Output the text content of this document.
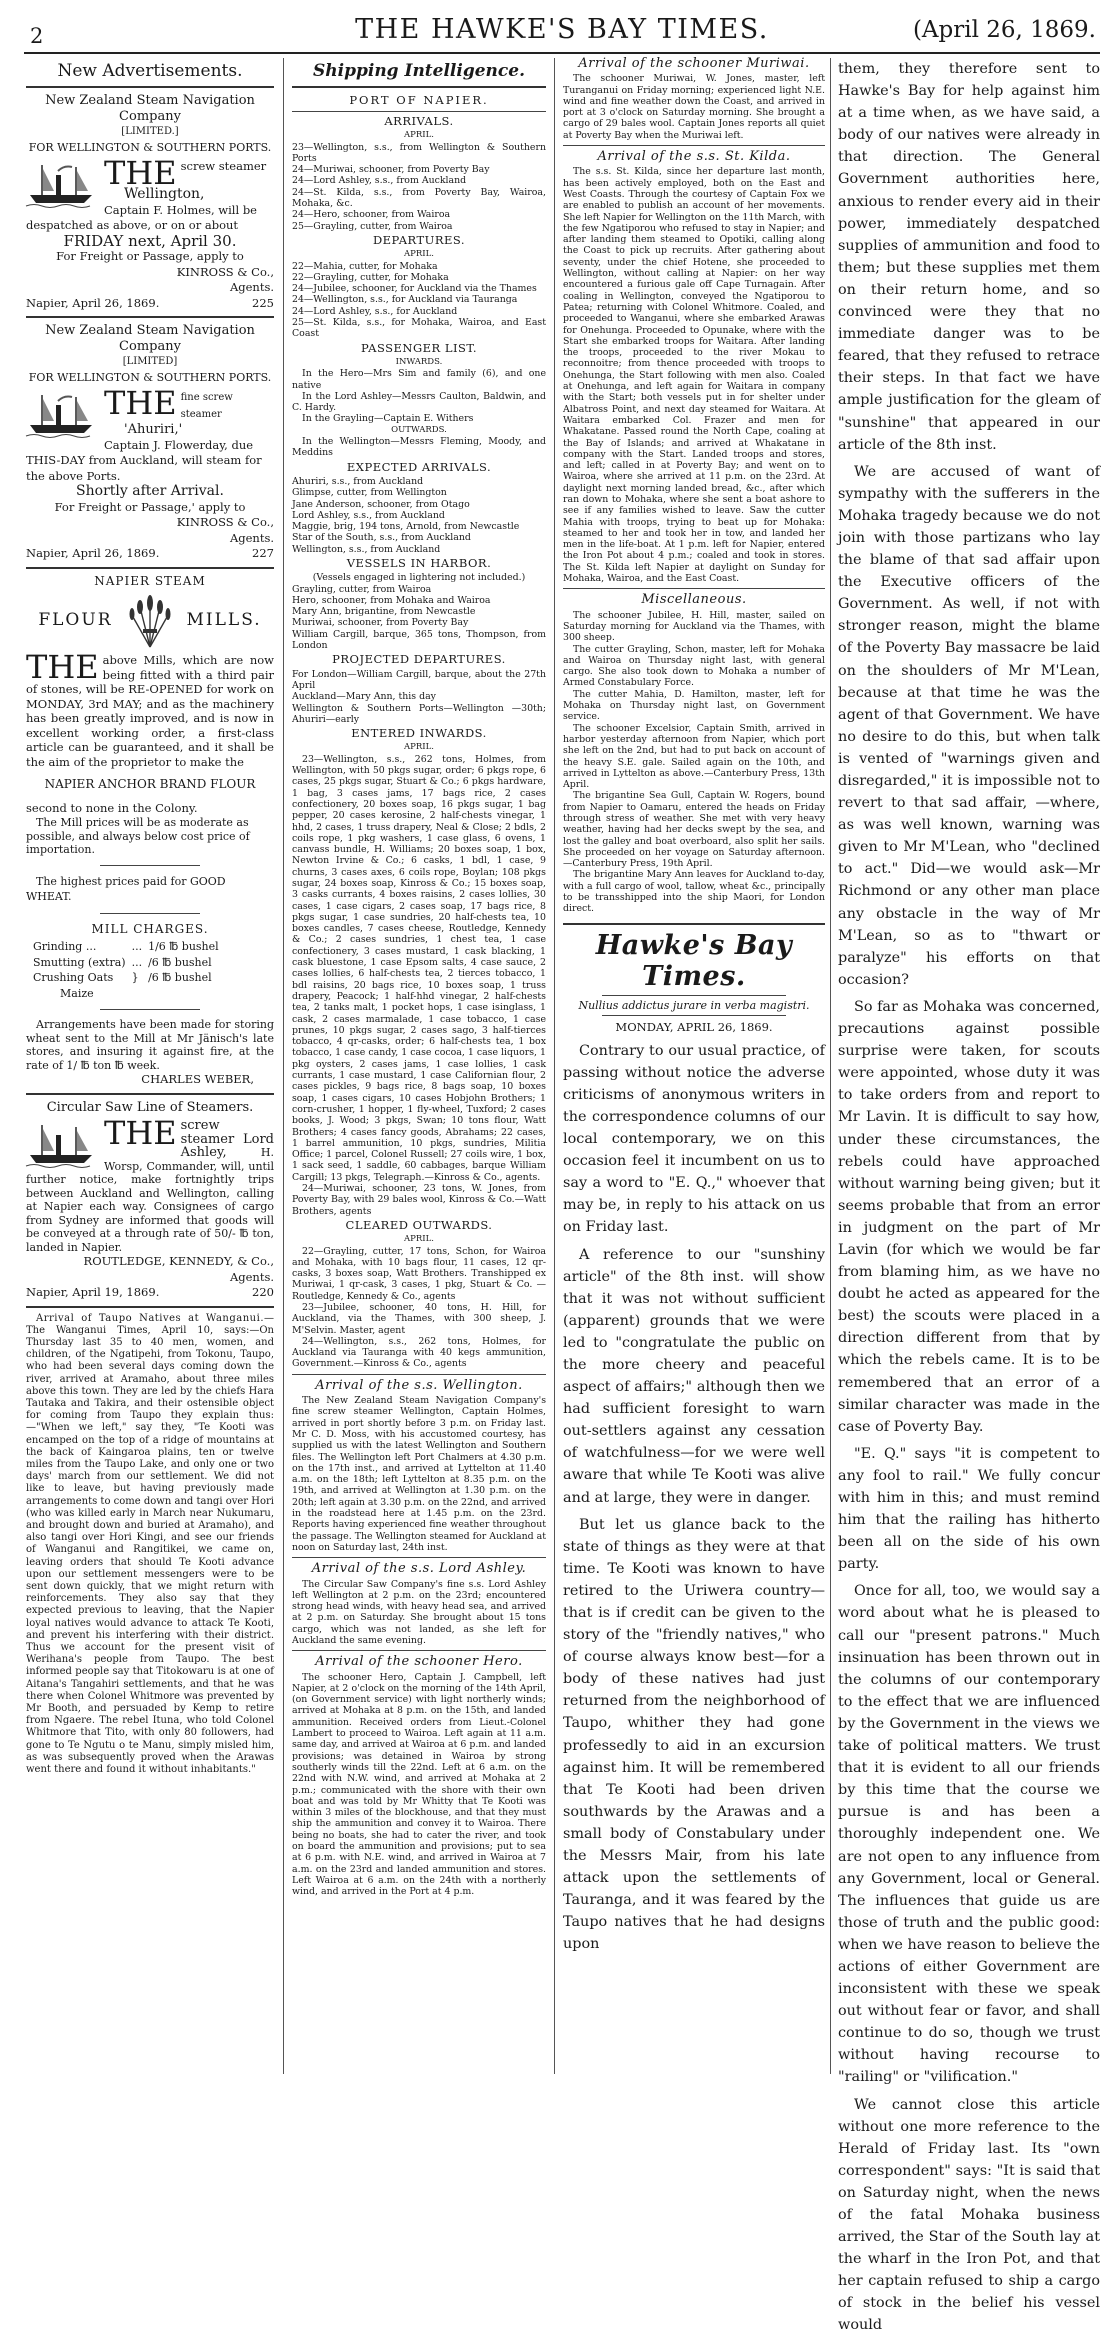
2	THE HAWKE'S BAY TIMES.	(April 26, 1869.
New Advertisements.
New Zealand Steam Navigation Company
[LIMITED.]
FOR WELLINGTON & SOUTHERN PORTS.
THE screw steamer
Wellington,
Captain F. Holmes, will be despatched as above, or on or about
FRIDAY next, April 30.
For Freight or Passage, apply to
KINROSS & Co.,
Agents.
Napier, April 26, 1869.	225
New Zealand Steam Navigation Company
[LIMITED]
FOR WELLINGTON & SOUTHERN PORTS.
THE fine screw steamer
'Ahuriri,'
Captain J. Flowerday, due THIS-DAY from Auckland, will steam for the above Ports.
Shortly after Arrival.
For Freight or Passage,' apply to
KINROSS & Co.,
Agents.
Napier, April 26, 1869.	227
NAPIER STEAM
FLOUR	MILLS.
THE above Mills, which are now being fitted with a third pair of stones, will be RE-OPENED for work on MONDAY, 3rd MAY; and as the machinery has been greatly improved, and is now in excellent working order, a first-class article can be guaranteed, and it shall be the aim of the proprietor to make the
NAPIER ANCHOR BRAND FLOUR
second to none in the Colony.
The Mill prices will be as moderate as possible, and always below cost price of importation.
The highest prices paid for GOOD WHEAT.
MILL CHARGES.
Grinding ...	...	1/6 ℔ bushel
Smutting (extra)	...	/6 ℔ bushel
Crushing Oats	}	/6 ℔ bushel
Maize		
Arrangements have been made for storing wheat sent to the Mill at Mr Jänisch's late stores, and insuring it against fire, at the rate of 1/ ℔ ton ℔ week.
CHARLES WEBER,
Circular Saw Line of Steamers.
THE screw steamer Lord Ashley,	H. Worsp, Commander, will, until further notice, make fortnightly trips between Auckland and Wellington, calling at Napier each way. Consignees of cargo from Sydney are informed that goods will be conveyed at a through rate of 50/- ℔ ton, landed in Napier.
ROUTLEDGE, KENNEDY, & Co.,
Agents.
Napier, April 19, 1869.	220

Arrival of Taupo Natives at Wanganui.—The Wanganui Times, April 10, says:—On Thursday last 35 to 40 men, women, and children, of the Ngatipehi, from Tokonu, Taupo, who had been several days coming down the river, arrived at Aramaho, about three miles above this town. They are led by the chiefs Hara Tautaka and Takira, and their ostensible object for coming from Taupo they explain thus:—"When we left," say they, "Te Kooti was encamped on the top of a ridge of mountains at the back of Kaingaroa plains, ten or twelve miles from the Taupo Lake, and only one or two days' march from our settlement. We did not like to leave, but having previously made arrangements to come down and tangi over Hori (who was killed early in March near Nukumaru, and brought down and buried at Aramaho), and also tangi over Hori Kingi, and see our friends of Wanganui and Rangitikei, we came on, leaving orders that should Te Kooti advance upon our settlement messengers were to be sent down quickly, that we might return with reinforcements. They also say that they expected previous to leaving, that the Napier loyal natives would advance to attack Te Kooti, and prevent his interfering with their district. Thus we account for the present visit of Werihana's people from Taupo. The best informed people say that Titokowaru is at one of Aitana's Tangahiri settlements, and that he was there when Colonel Whitmore was prevented by Mr Booth, and persuaded by Kemp to retire from Ngaere. The rebel Ituna, who told Colonel Whitmore that Tito, with only 80 followers, had gone to Te Ngutu o te Manu, simply misled him, as was subsequently proved when the Arawas went there and found it without inhabitants."

Shipping Intelligence.
PORT OF NAPIER.
ARRIVALS.
APRIL.
23—Wellington, s.s., from Wellington & Southern Ports
24—Muriwai, schooner, from Poverty Bay
24—Lord Ashley, s.s., from Auckland
24—St. Kilda, s.s., from Poverty Bay, Wairoa, Mohaka, &c.
24—Hero, schooner, from Wairoa
25—Grayling, cutter, from Wairoa
DEPARTURES.
APRIL.
22—Mahia, cutter, for Mohaka
22—Grayling, cutter, for Mohaka
24—Jubilee, schooner, for Auckland via the Thames
24—Wellington, s.s., for Auckland via Tauranga
24—Lord Ashley, s.s., for Auckland
25—St. Kilda, s.s., for Mohaka, Wairoa, and East Coast
PASSENGER LIST.
INWARDS.

In the Hero—Mrs Sim and family (6), and one native

In the Lord Ashley—Messrs Caulton, Baldwin, and C. Hardy.

In the Grayling—Captain E. Withers

OUTWARDS.

In the Wellington—Messrs Fleming, Moody, and Meddins

EXPECTED ARRIVALS.
Ahuriri, s.s., from Auckland
Glimpse, cutter, from Wellington
Jane Anderson, schooner, from Otago
Lord Ashley, s.s., from Auckland
Maggie, brig, 194 tons, Arnold, from Newcastle
Star of the South, s.s., from Auckland
Wellington, s.s., from Auckland
VESSELS IN HARBOR.
(Vessels engaged in lightering not included.)
Grayling, cutter, from Wairoa
Hero, schooner, from Mohaka and Wairoa
Mary Ann, brigantine, from Newcastle
Muriwai, schooner, from Poverty Bay
William Cargill, barque, 365 tons, Thompson, from London
PROJECTED DEPARTURES.
For London—William Cargill, barque, about the 27th April
Auckland—Mary Ann, this day
Wellington & Southern Ports—Wellington —30th; Ahuriri—early
ENTERED INWARDS.
APRIL.

23—Wellington, s.s., 262 tons, Holmes, from Wellington, with 50 pkgs sugar, order; 6 pkgs rope, 6 cases, 25 pkgs sugar, Stuart & Co.; 6 pkgs hardware, 1 bag, 3 cases jams, 17 bags rice, 2 cases confectionery, 20 boxes soap, 16 pkgs sugar, 1 bag pepper, 20 cases kerosine, 2 half-chests vinegar, 1 hhd, 2 cases, 1 truss drapery, Neal & Close; 2 bdls, 2 coils rope, 1 pkg washers, 1 case glass, 6 ovens, 1 canvass bundle, H. Williams; 20 boxes soap, 1 box, Newton Irvine & Co.; 6 casks, 1 bdl, 1 case, 9 churns, 3 cases axes, 6 coils rope, Boylan; 108 pkgs sugar, 24 boxes soap, Kinross & Co.; 15 boxes soap, 3 casks currants, 4 boxes raisins, 2 cases lollies, 30 cases, 1 case cigars, 2 cases soap, 17 bags rice, 8 pkgs sugar, 1 case sundries, 20 half-chests tea, 10 boxes candles, 7 cases cheese, Routledge, Kennedy & Co.; 2 cases sundries, 1 chest tea, 1 case confectionery, 3 cases mustard, 1 cask blacking, 1 cask bluestone, 1 case Epsom salts, 4 case sauce, 2 cases lollies, 6 half-chests tea, 2 tierces tobacco, 1 bdl raisins, 20 bags rice, 10 boxes soap, 1 truss drapery, Peacock; 1 half-hhd vinegar, 2 half-chests tea, 2 tanks malt, 1 pocket hops, 1 case isinglass, 1 cask, 2 cases marmalade, 1 case tobacco, 1 case prunes, 10 pkgs sugar, 2 cases sago, 3 half-tierces tobacco, 4 qr-casks, order; 6 half-chests tea, 1 box tobacco, 1 case candy, 1 case cocoa, 1 case liquors, 1 pkg oysters, 2 cases jams, 1 case lollies, 1 cask currants, 1 case mustard, 1 case Californian flour, 2 cases pickles, 9 bags rice, 8 bags soap, 10 boxes soap, 1 cases cigars, 10 cases Hobjohn Brothers; 1 corn-crusher, 1 hopper, 1 fly-wheel, Tuxford; 2 cases books, J. Wood; 3 pkgs, Swan; 10 tons flour, Watt Brothers; 4 cases fancy goods, Abrahams; 22 cases, 1 barrel ammunition, 10 pkgs, sundries, Militia Office; 1 parcel, Colonel Russell; 27 coils wire, 1 box, 1 sack seed, 1 saddle, 60 cabbages, barque William Cargill; 13 pkgs, Telegraph.—Kinross & Co., agents.

24—Muriwai, schooner, 23 tons, W. Jones, from Poverty Bay, with 29 bales wool, Kinross & Co.—Watt Brothers, agents

CLEARED OUTWARDS.
APRIL.

22—Grayling, cutter, 17 tons, Schon, for Wairoa and Mohaka, with 10 bags flour, 11 cases, 12 qr-casks, 3 boxes soap, Watt Brothers. Transhipped ex Muriwai, 1 qr-cask, 3 cases, 1 pkg, Stuart & Co. —Routledge, Kennedy & Co., agents

23—Jubilee, schooner, 40 tons, H. Hill, for Auckland, via the Thames, with 300 sheep, J. M'Selvin. Master, agent

24—Wellington, s.s., 262 tons, Holmes, for Auckland via Tauranga with 40 kegs ammunition, Government.—Kinross & Co., agents

Arrival of the s.s. Wellington.

The New Zealand Steam Navigation Company's fine screw steamer Wellington, Captain Holmes, arrived in port shortly before 3 p.m. on Friday last. Mr C. D. Moss, with his accustomed courtesy, has supplied us with the latest Wellington and Southern files. The Wellington left Port Chalmers at 4.30 p.m. on the 17th inst., and arrived at Lyttelton at 11.40 a.m. on the 18th; left Lyttelton at 8.35 p.m. on the 19th, and arrived at Wellington at 1.30 p.m. on the 20th; left again at 3.30 p.m. on the 22nd, and arrived in the roadstead here at 1.45 p.m. on the 23rd. Reports having experienced fine weather throughout the passage. The Wellington steamed for Auckland at noon on Saturday last, 24th inst.

Arrival of the s.s. Lord Ashley.

The Circular Saw Company's fine s.s. Lord Ashley left Wellington at 2 p.m. on the 23rd; encountered strong head winds, with heavy head sea, and arrived at 2 p.m. on Saturday. She brought about 15 tons cargo, which was not landed, as she left for Auckland the same evening.

Arrival of the schooner Hero.

The schooner Hero, Captain J. Campbell, left Napier, at 2 o'clock on the morning of the 14th April, (on Government service) with light northerly winds; arrived at Mohaka at 8 p.m. on the 15th, and landed ammunition. Received orders from Lieut.-Colonel Lambert to proceed to Wairoa. Left again at 11 a.m. same day, and arrived at Wairoa at 6 p.m. and landed provisions; was detained in Wairoa by strong southerly winds till the 22nd. Left at 6 a.m. on the 22nd with N.W. wind, and arrived at Mohaka at 2 p.m.; communicated with the shore with their own boat and was told by Mr Whitty that Te Kooti was within 3 miles of the blockhouse, and that they must ship the ammunition and convey it to Wairoa. There being no boats, she had to cater the river, and took on board the ammunition and provisions; put to sea at 6 p.m. with N.E. wind, and arrived in Wairoa at 7 a.m. on the 23rd and landed ammunition and stores. Left Wairoa at 6 a.m. on the 24th with a northerly wind, and arrived in the Port at 4 p.m.

Arrival of the schooner Muriwai.

The schooner Muriwai, W. Jones, master, left Turanganui on Friday morning; experienced light N.E. wind and fine weather down the Coast, and arrived in port at 3 o'clock on Saturday morning. She brought a cargo of 29 bales wool. Captain Jones reports all quiet at Poverty Bay when the Muriwai left.

Arrival of the s.s. St. Kilda.

The s.s. St. Kilda, since her departure last month, has been actively employed, both on the East and West Coasts. Through the courtesy of Captain Fox we are enabled to publish an account of her movements. She left Napier for Wellington on the 11th March, with the few Ngatiporou who refused to stay in Napier; and after landing them steamed to Opotiki, calling along the Coast to pick up recruits. After gathering about seventy, under the chief Hotene, she proceeded to Wellington, without calling at Napier: on her way encountered a furious gale off Cape Turnagain. After coaling in Wellington, conveyed the Ngatiporou to Patea; returning with Colonel Whitmore. Coaled, and proceeded to Wanganui, where she embarked Arawas for Onehunga. Proceeded to Opunake, where with the Start she embarked troops for Waitara. After landing the troops, proceeded to the river Mokau to reconnoitre; from thence proceeded with troops to Onehunga, the Start following with men also. Coaled at Onehunga, and left again for Waitara in company with the Start; both vessels put in for shelter under Albatross Point, and next day steamed for Waitara. At Waitara embarked Col. Frazer and men for Whakatane. Passed round the North Cape, coaling at the Bay of Islands; and arrived at Whakatane in company with the Start. Landed troops and stores, and left; called in at Poverty Bay; and went on to Wairoa, where she arrived at 11 p.m. on the 23rd. At daylight next morning landed bread, &c., after which ran down to Mohaka, where she sent a boat ashore to see if any families wished to leave. Saw the cutter Mahia with troops, trying to beat up for Mohaka: steamed to her and took her in tow, and landed her men in the life-boat. At 1 p.m. left for Napier, entered the Iron Pot about 4 p.m.; coaled and took in stores. The St. Kilda left Napier at daylight on Sunday for Mohaka, Wairoa, and the East Coast.

Miscellaneous.

The schooner Jubilee, H. Hill, master, sailed on Saturday morning for Auckland via the Thames, with 300 sheep.

The cutter Grayling, Schon, master, left for Mohaka and Wairoa on Thursday night last, with general cargo. She also took down to Mohaka a number of Armed Constabulary Force.

The cutter Mahia, D. Hamilton, master, left for Mohaka on Thursday night last, on Government service.

The schooner Excelsior, Captain Smith, arrived in harbor yesterday afternoon from Napier, which port she left on the 2nd, but had to put back on account of the heavy S.E. gale. Sailed again on the 10th, and arrived in Lyttelton as above.—Canterbury Press, 13th April.

The brigantine Sea Gull, Captain W. Rogers, bound from Napier to Oamaru, entered the heads on Friday through stress of weather. She met with very heavy weather, having had her decks swept by the sea, and lost the galley and boat overboard, also split her sails. She proceeded on her voyage on Saturday afternoon.—Canterbury Press, 19th April.

The brigantine Mary Ann leaves for Auckland to-day, with a full cargo of wool, tallow, wheat &c., principally to be transshipped into the ship Maori, for London direct.

Hawke's Bay Times.
Nullius addictus jurare in verba magistri.
MONDAY, APRIL 26, 1869.

Contrary to our usual practice, of passing without notice the adverse criticisms of anonymous writers in the correspondence columns of our local contemporary, we on this occasion feel it incumbent on us to say a word to "E. Q.," whoever that may be, in reply to his attack on us on Friday last.

A reference to our "sunshiny article" of the 8th inst. will show that it was not without sufficient (apparent) grounds that we were led to "congratulate the public on the more cheery and peaceful aspect of affairs;" although then we had sufficient foresight to warn out-settlers against any cessation of watchfulness—for we were well aware that while Te Kooti was alive and at large, they were in danger.

But let us glance back to the state of things as they were at that time. Te Kooti was known to have retired to the Uriwera country—that is if credit can be given to the story of the "friendly natives," who of course always know best—for a body of these natives had just returned from the neighborhood of Taupo, whither they had gone professedly to aid in an excursion against him. It will be remembered that Te Kooti had been driven southwards by the Arawas and a small body of Constabulary under the Messrs Mair, from his late attack upon the settlements of Tauranga, and it was feared by the Taupo natives that he had designs upon

them, they therefore sent to Hawke's Bay for help against him at a time when, as we have said, a body of our natives were already in that direction. The General Government authorities here, anxious to render every aid in their power, immediately despatched supplies of ammunition and food to them; but these supplies met them on their return home, and so convinced were they that no immediate danger was to be feared, that they refused to retrace their steps. In that fact we have ample justification for the gleam of "sunshine" that appeared in our article of the 8th inst.

We are accused of want of sympathy with the sufferers in the Mohaka tragedy because we do not join with those partizans who lay the blame of that sad affair upon the Executive officers of the Government. As well, if not with stronger reason, might the blame of the Poverty Bay massacre be laid on the shoulders of Mr M'Lean, because at that time he was the agent of that Government. We have no desire to do this, but when talk is vented of "warnings given and disregarded," it is impossible not to revert to that sad affair, —where, as was well known, warning was given to Mr M'Lean, who "declined to act." Did—we would ask—Mr Richmond or any other man place any obstacle in the way of Mr M'Lean, so as to "thwart or paralyze" his efforts on that occasion?

So far as Mohaka was concerned, precautions against possible surprise were taken, for scouts were appointed, whose duty it was to take orders from and report to Mr Lavin. It is difficult to say how, under these circumstances, the rebels could have approached without warning being given; but it seems probable that from an error in judgment on the part of Mr Lavin (for which we would be far from blaming him, as we have no doubt he acted as appeared for the best) the scouts were placed in a direction different from that by which the rebels came. It is to be remembered that an error of a similar character was made in the case of Poverty Bay.

"E. Q." says "it is competent to any fool to rail." We fully concur with him in this; and must remind him that the railing has hitherto been all on the side of his own party.

Once for all, too, we would say a word about what he is pleased to call our "present patrons." Much insinuation has been thrown out in the columns of our contemporary to the effect that we are influenced by the Government in the views we take of political matters. We trust that it is evident to all our friends by this time that the course we pursue is and has been a thoroughly independent one. We are not open to any influence from any Government, local or General. The influences that guide us are those of truth and the public good: when we have reason to believe the actions of either Government are inconsistent with these we speak out without fear or favor, and shall continue to do so, though we trust without having recourse to "railing" or "vilification."

We cannot close this article without one more reference to the Herald of Friday last. Its "own correspondent" says: "It is said that on Saturday night, when the news of the fatal Mohaka business arrived, the Star of the South lay at the wharf in the Iron Pot, and that her captain refused to ship a cargo of stock in the belief his vessel would
